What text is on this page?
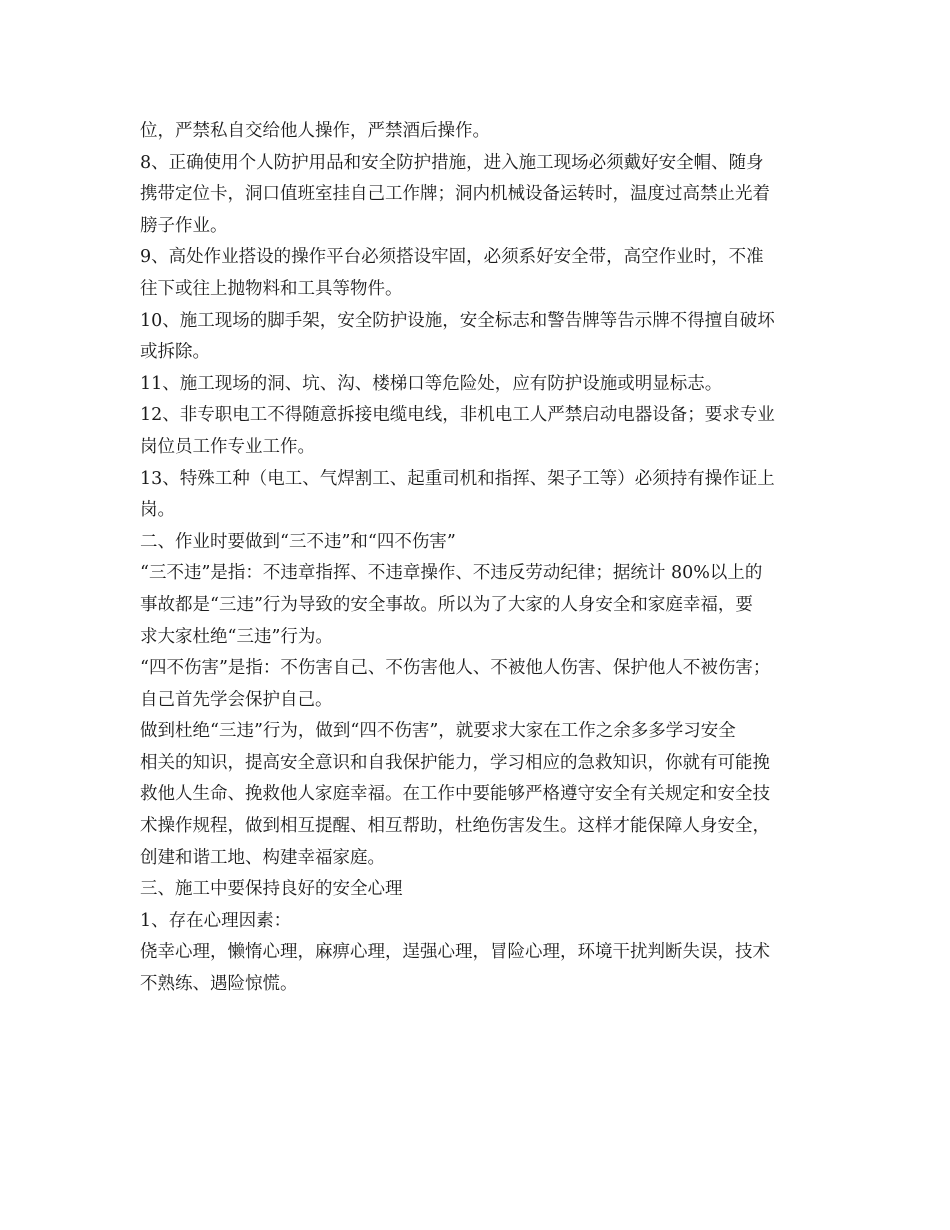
位，严禁私自交给他人操作，严禁酒后操作。

8、正确使用个人防护用品和安全防护措施，进入施工现场必须戴好安全帽、随身

携带定位卡，洞口值班室挂自己工作牌；洞内机械设备运转时，温度过高禁止光着

膀子作业。

9、高处作业搭设的操作平台必须搭设牢固，必须系好安全带，高空作业时，不准

往下或往上抛物料和工具等物件。

10、施工现场的脚手架，安全防护设施，安全标志和警告牌等告示牌不得擅自破坏

或拆除。

11、施工现场的洞、坑、沟、楼梯口等危险处，应有防护设施或明显标志。

12、非专职电工不得随意拆接电缆电线，非机电工人严禁启动电器设备；要求专业

岗位员工作专业工作。

13、特殊工种（电工、气焊割工、起重司机和指挥、架子工等）必须持有操作证上

岗。

二、作业时要做到“三不违”和“四不伤害”

“三不违”是指：不违章指挥、不违章操作、不违反劳动纪律；据统计 80%以上的

事故都是“三违”行为导致的安全事故。所以为了大家的人身安全和家庭幸福，要

求大家杜绝“三违”行为。

“四不伤害”是指：不伤害自己、不伤害他人、不被他人伤害、保护他人不被伤害；

自己首先学会保护自己。

做到杜绝“三违”行为，做到“四不伤害”，就要求大家在工作之余多多学习安全

相关的知识，提高安全意识和自我保护能力，学习相应的急救知识，你就有可能挽

救他人生命、挽救他人家庭幸福。在工作中要能够严格遵守安全有关规定和安全技

术操作规程，做到相互提醒、相互帮助，杜绝伤害发生。这样才能保障人身安全，

创建和谐工地、构建幸福家庭。

三、施工中要保持良好的安全心理

1、存在心理因素：

侥幸心理，懒惰心理，麻痹心理，逞强心理，冒险心理，环境干扰判断失误，技术

不熟练、遇险惊慌。
